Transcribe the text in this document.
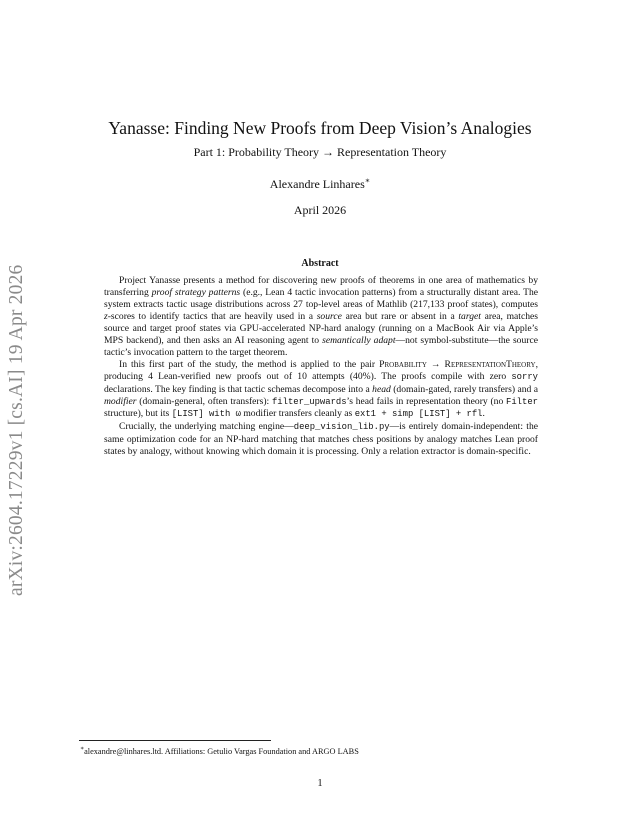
arXiv:2604.17229v1 [cs.AI] 19 Apr 2026
Yanasse: Finding New Proofs from Deep Vision’s Analogies
Part 1: Probability Theory → Representation Theory
Alexandre Linhares∗
April 2026
Abstract

Project Yanasse presents a method for discovering new proofs of theorems in one area of mathematics by transferring proof strategy patterns (e.g., Lean 4 tactic invocation patterns) from a structurally distant area. The system extracts tactic usage distributions across 27 top-level areas of Mathlib (217,133 proof states), computes z-scores to identify tactics that are heavily used in a source area but rare or absent in a target area, matches source and target proof states via GPU-accelerated NP-hard analogy (running on a MacBook Air via Apple’s MPS backend), and then asks an AI reasoning agent to semantically adapt—not symbol-substitute—the source tactic’s invocation pattern to the target theorem.

In this first part of the study, the method is applied to the pair Probability → RepresentationTheory, producing 4 Lean-verified new proofs out of 10 attempts (40%). The proofs compile with zero sorry declarations. The key finding is that tactic schemas decompose into a head (domain-gated, rarely transfers) and a modifier (domain-general, often transfers): filter_upwards’s head fails in representation theory (no Filter structure), but its [LIST] with ω modifier transfers cleanly as ext1 + simp [LIST] + rfl.

Crucially, the underlying matching engine—deep_vision_lib.py—is entirely domain-independent: the same optimization code for an NP-hard matching that matches chess positions by analogy matches Lean proof states by analogy, without knowing which domain it is processing. Only a relation extractor is domain-specific.

∗alexandre@linhares.ltd. Affiliations: Getulio Vargas Foundation and ARGO LABS
1
